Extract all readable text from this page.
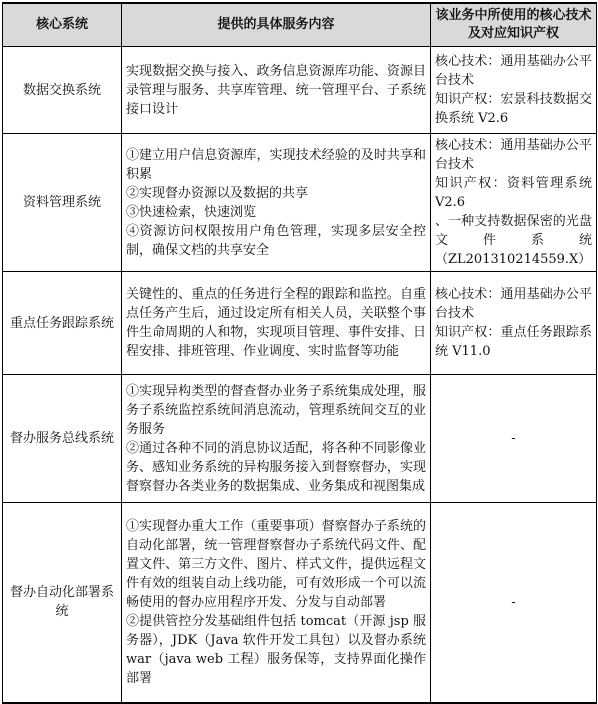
核心系统	提供的具体服务内容	该业务中所使用的核心技术及对应知识产权
数据交换系统	实现数据交换与接入、政务信息资源库功能、资源目录管理与服务、共享库管理、统一管理平台、子系统接口设计	核心技术：通用基础办公平台技术
知识产权：宏景科技数据交换系统 V2.6

资料管理系统	①建立用户信息资源库，实现技术经验的及时共享和积累
②实现督办资源以及数据的共享
③快速检索，快速浏览
④资源访问权限按用户角色管理，实现多层安全控制，确保文档的共享安全	核心技术：通用基础办公平台技术
知识产权：资料管理系统 V2.6
、一种支持数据保密的光盘文件系统（ZL201310214559.X）

重点任务跟踪系统	关键性的、重点的任务进行全程的跟踪和监控。自重点任务产生后，通过设定所有相关人员，关联整个事件生命周期的人和物，实现项目管理、事件安排、日程安排、排班管理、作业调度、实时监督等功能	核心技术：通用基础办公平台技术
知识产权：重点任务跟踪系统 V11.0

督办服务总线系统	①实现异构类型的督查督办业务子系统集成处理，服务子系统监控系统间消息流动，管理系统间交互的业务服务
②通过各种不同的消息协议适配，将各种不同影像业务、感知业务系统的异构服务接入到督察督办，实现督察督办各类业务的数据集成、业务集成和视图集成	-
督办自动化部署系统	①实现督办重大工作（重要事项）督察督办子系统的自动化部署，统一管理督察督办子系统代码文件、配置文件、第三方文件、图片、样式文件，提供远程文件有效的组装自动上线功能，可有效形成一个可以流畅使用的督办应用程序开发、分发与自动部署
②提供管控分发基础组件包括 tomcat（开源 jsp 服务器），JDK（Java 软件开发工具包）以及督办系统 war（java web 工程）服务保等，支持界面化操作部署	-
